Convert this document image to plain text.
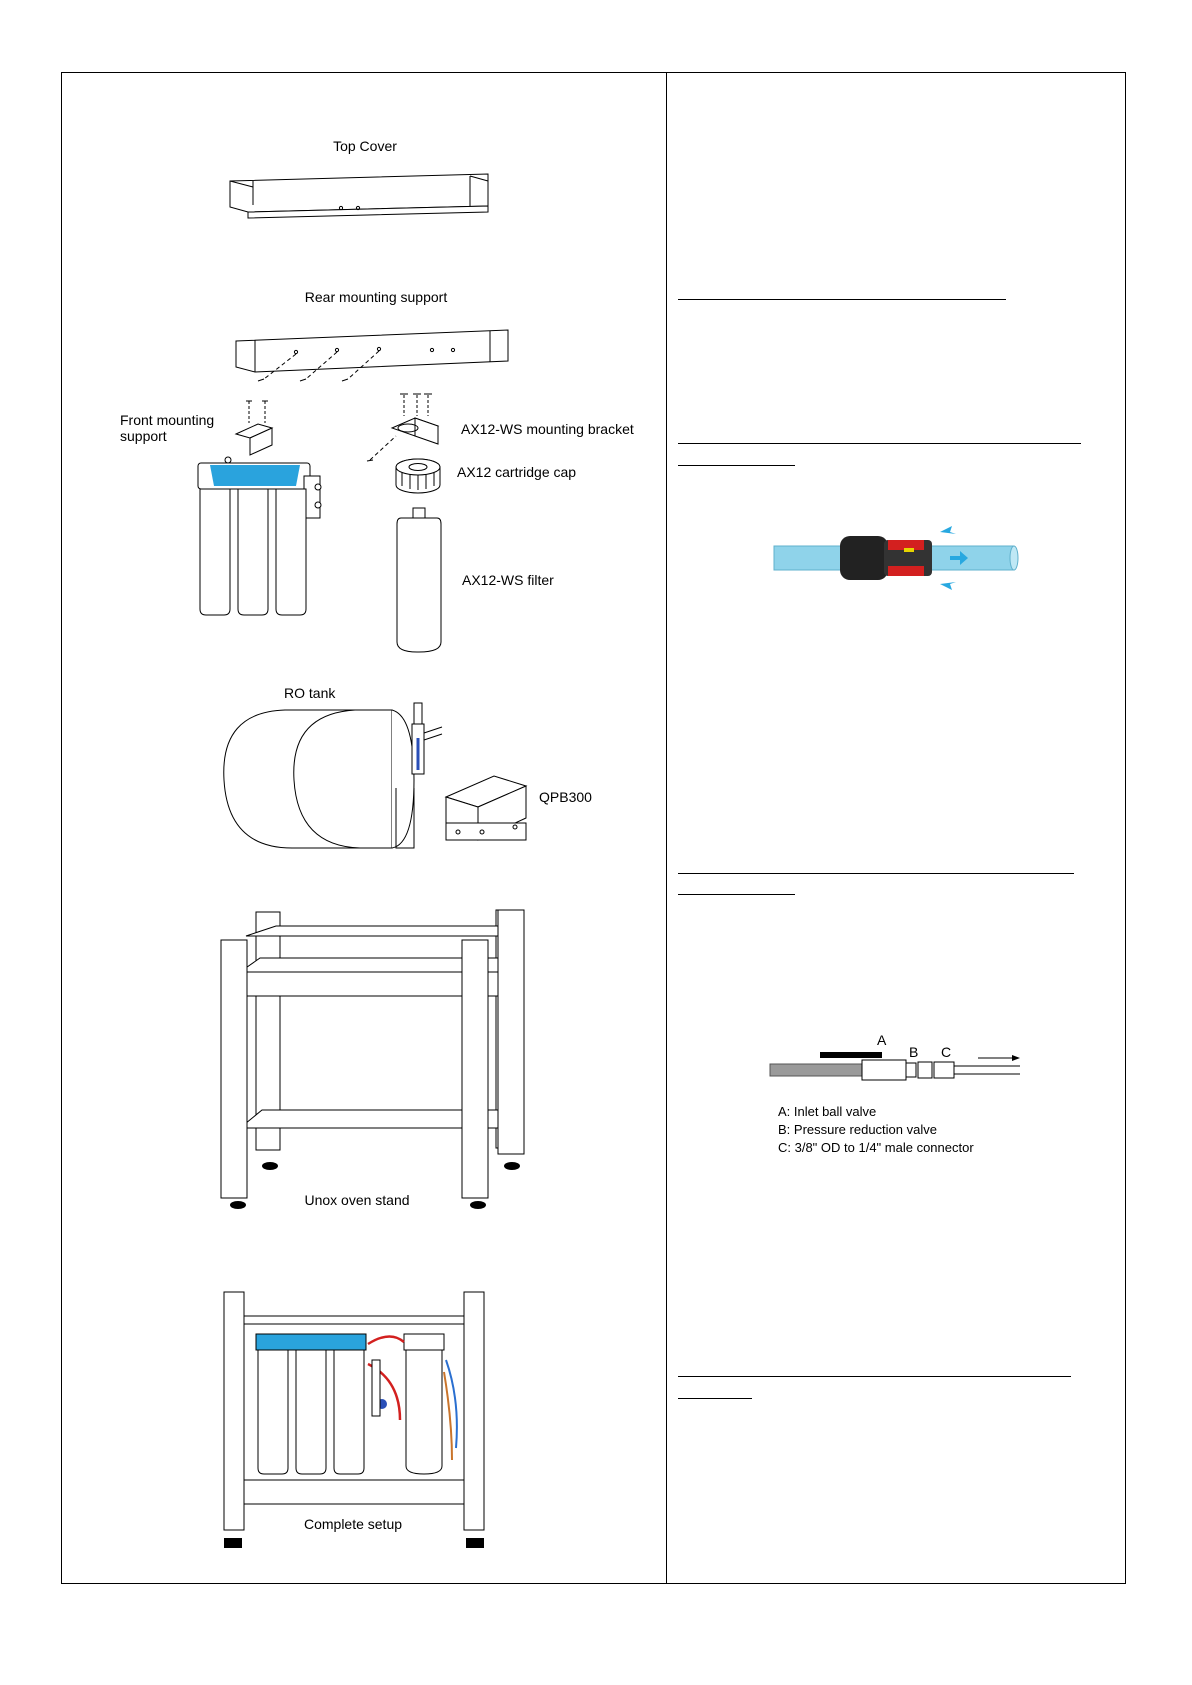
Top Cover
Rear mounting support
Front mounting
support	AX12-WS mounting bracket
AX12 cartridge cap
AX12-WS filter
RO tank
QPB300
Unox oven stand
Complete setup
A
B C
A: Inlet ball valve
B: Pressure reduction valve
C: 3/8" OD to 1/4" male connector
